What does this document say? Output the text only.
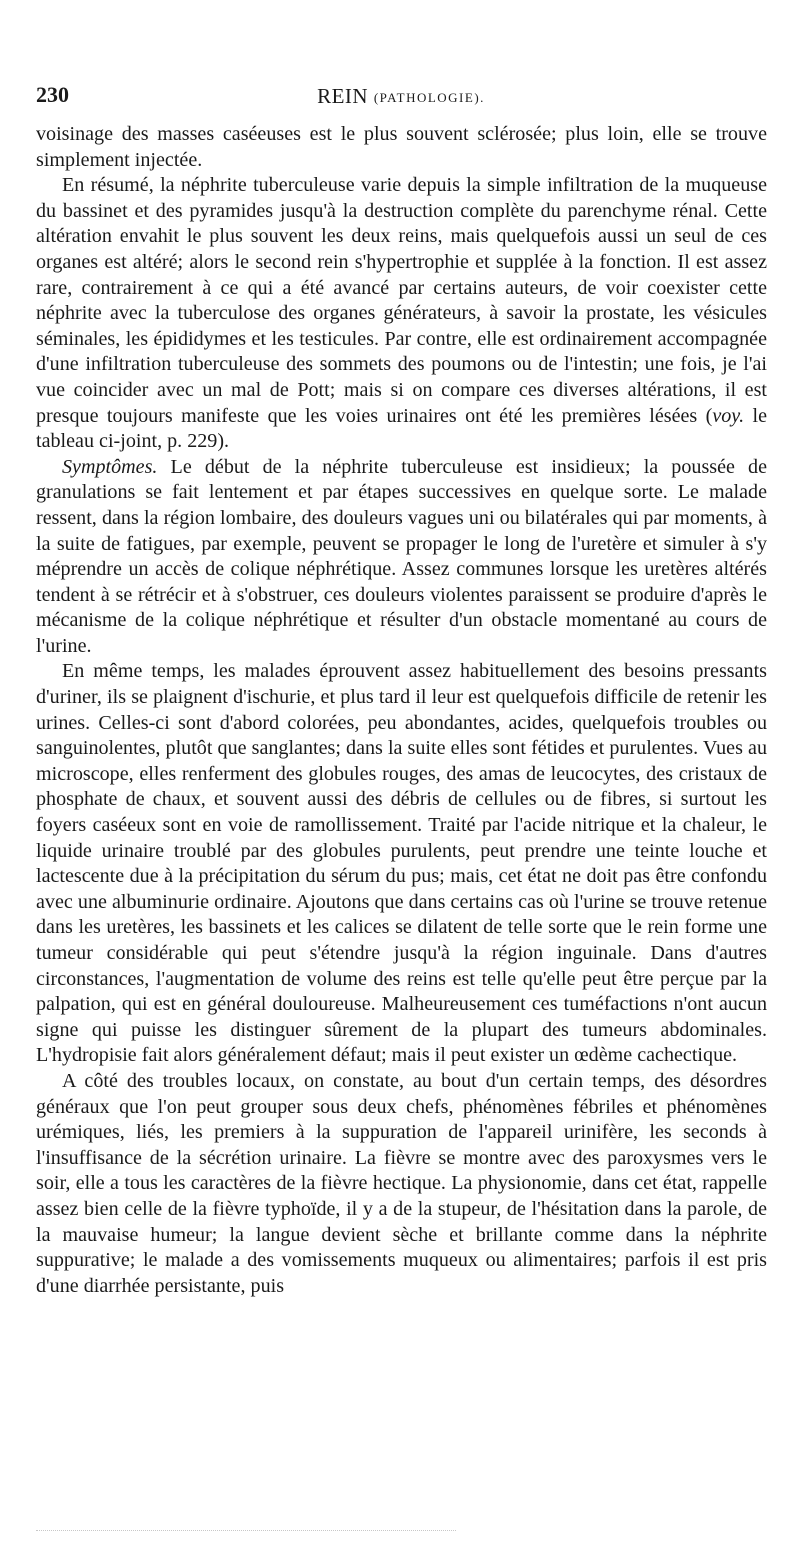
230	REIN (PATHOLOGIE).

voisinage des masses caséeuses est le plus souvent sclérosée; plus loin, elle se trouve simplement injectée.

En résumé, la néphrite tuberculeuse varie depuis la simple infiltration de la muqueuse du bassinet et des pyramides jusqu'à la destruction complète du parenchyme rénal. Cette altération envahit le plus souvent les deux reins, mais quelquefois aussi un seul de ces organes est altéré; alors le second rein s'hypertrophie et supplée à la fonction. Il est assez rare, contrairement à ce qui a été avancé par certains auteurs, de voir coexister cette néphrite avec la tuberculose des organes générateurs, à savoir la prostate, les vésicules séminales, les épididymes et les testicules. Par contre, elle est ordinairement accompagnée d'une infiltration tuberculeuse des sommets des poumons ou de l'intestin; une fois, je l'ai vue coincider avec un mal de Pott; mais si on compare ces diverses altérations, il est presque toujours manifeste que les voies urinaires ont été les premières lésées (voy. le tableau ci-joint, p. 229).

Symptômes. Le début de la néphrite tuberculeuse est insidieux; la poussée de granulations se fait lentement et par étapes successives en quelque sorte. Le malade ressent, dans la région lombaire, des douleurs vagues uni ou bilatérales qui par moments, à la suite de fatigues, par exemple, peuvent se propager le long de l'uretère et simuler à s'y méprendre un accès de colique néphrétique. Assez communes lorsque les uretères altérés tendent à se rétrécir et à s'obstruer, ces douleurs violentes paraissent se produire d'après le mécanisme de la colique néphrétique et résulter d'un obstacle momentané au cours de l'urine.

En même temps, les malades éprouvent assez habituellement des besoins pressants d'uriner, ils se plaignent d'ischurie, et plus tard il leur est quelquefois difficile de retenir les urines. Celles-ci sont d'abord colorées, peu abondantes, acides, quelquefois troubles ou sanguinolentes, plutôt que sanglantes; dans la suite elles sont fétides et purulentes. Vues au microscope, elles renferment des globules rouges, des amas de leucocytes, des cristaux de phosphate de chaux, et souvent aussi des débris de cellules ou de fibres, si surtout les foyers caséeux sont en voie de ramollissement. Traité par l'acide nitrique et la chaleur, le liquide urinaire troublé par des globules purulents, peut prendre une teinte louche et lactescente due à la précipitation du sérum du pus; mais, cet état ne doit pas être confondu avec une albuminurie ordinaire. Ajoutons que dans certains cas où l'urine se trouve retenue dans les uretères, les bassinets et les calices se dilatent de telle sorte que le rein forme une tumeur considérable qui peut s'étendre jusqu'à la région inguinale. Dans d'autres circonstances, l'augmentation de volume des reins est telle qu'elle peut être perçue par la palpation, qui est en général douloureuse. Malheureusement ces tuméfactions n'ont aucun signe qui puisse les distinguer sûrement de la plupart des tumeurs abdominales. L'hydropisie fait alors généralement défaut; mais il peut exister un œdème cachectique.

A côté des troubles locaux, on constate, au bout d'un certain temps, des désordres généraux que l'on peut grouper sous deux chefs, phénomènes fébriles et phénomènes urémiques, liés, les premiers à la suppuration de l'appareil urinifère, les seconds à l'insuffisance de la sécrétion urinaire. La fièvre se montre avec des paroxysmes vers le soir, elle a tous les caractères de la fièvre hectique. La physionomie, dans cet état, rappelle assez bien celle de la fièvre typhoïde, il y a de la stupeur, de l'hésitation dans la parole, de la mauvaise humeur; la langue devient sèche et brillante comme dans la néphrite suppurative; le malade a des vomissements muqueux ou alimentaires; parfois il est pris d'une diarrhée persistante, puis
